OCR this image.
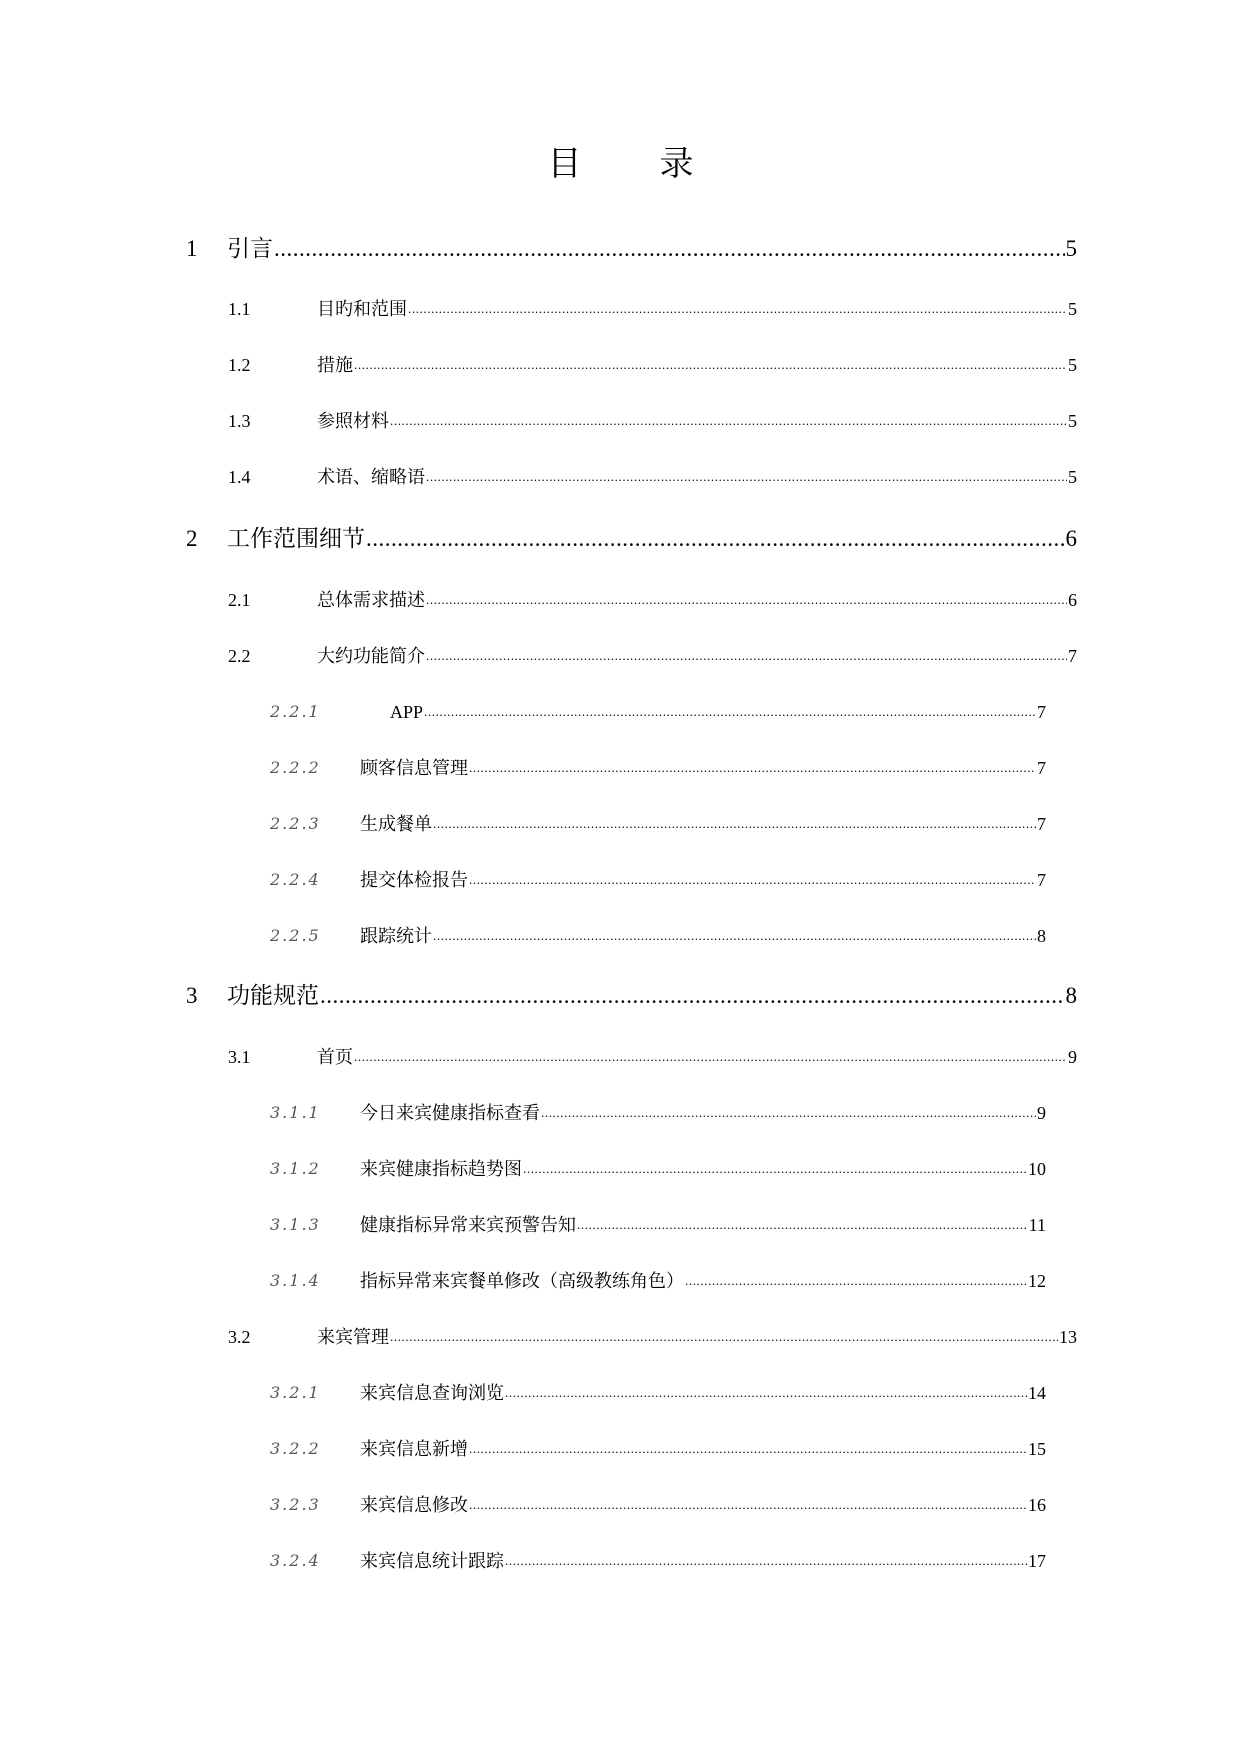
目录
1	引言 .....	5
1.1	目旳和范围 .....	5
1.2	措施 .....	5
1.3	参照材料 .....	5
1.4	术语、缩略语 .....	5
2	工作范围细节 .....	6
2.1	总体需求描述 .....	6
2.2	大约功能简介 .....	7
2.2.1	APP .....	7
2.2.2	顾客信息管理 .....	7
2.2.3	生成餐单 .....	7
2.2.4	提交体检报告 .....	7
2.2.5	跟踪统计 .....	8
3	功能规范 .....	8
3.1	首页 .....	9
3.1.1	今日来宾健康指标查看 .....	9
3.1.2	来宾健康指标趋势图 .....	10
3.1.3	健康指标异常来宾预警告知 .....	11
3.1.4	指标异常来宾餐单修改（高级教练角色） .....	12
3.2	来宾管理 .....	13
3.2.1	来宾信息查询浏览 .....	14
3.2.2	来宾信息新增 .....	15
3.2.3	来宾信息修改 .....	16
3.2.4	来宾信息统计跟踪 .....	17
